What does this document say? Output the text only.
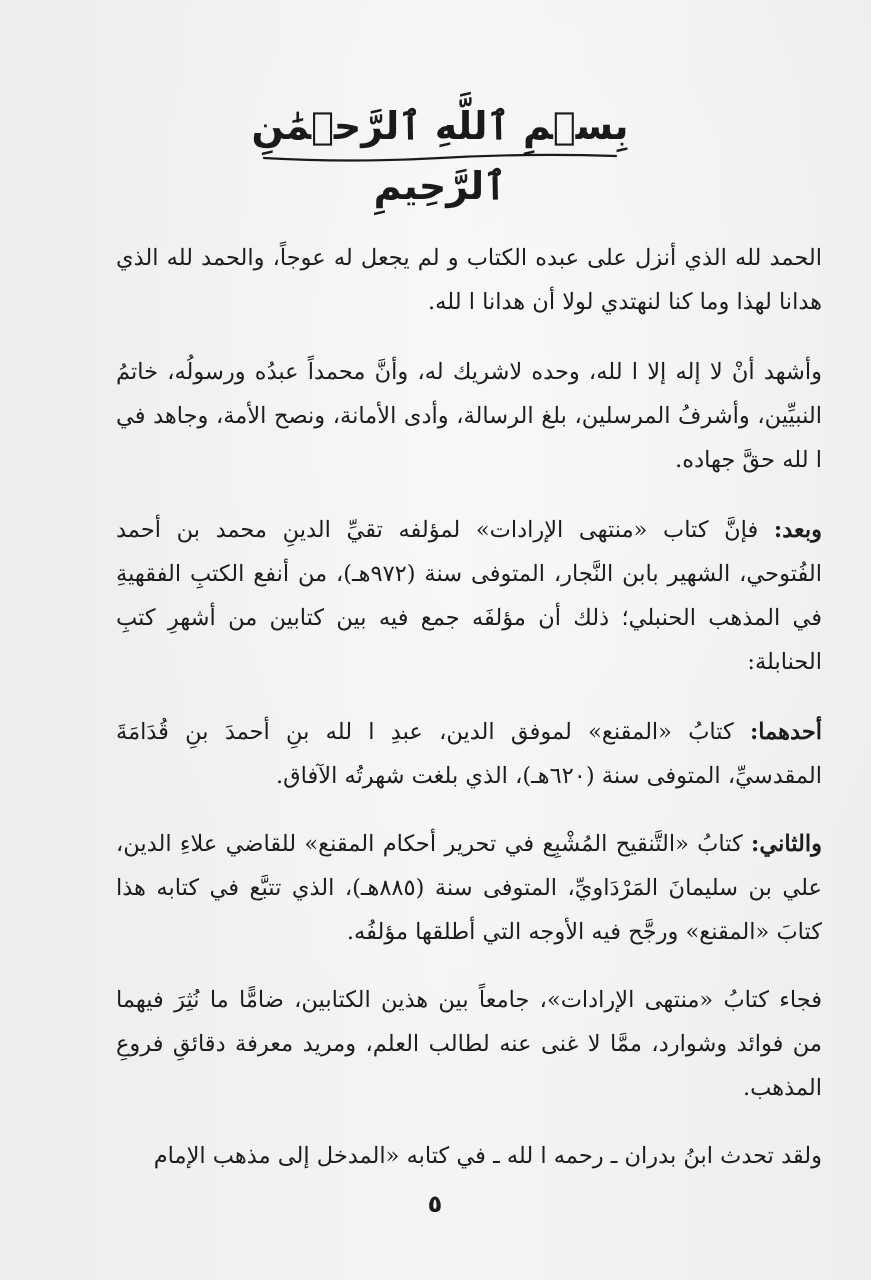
بِسۡمِ ٱللَّهِ ٱلرَّحۡمَٰنِ ٱلرَّحِيمِ

الحمد لله الذي أنزل على عبده الكتاب و لم يجعل له عوجاً، والحمد لله الذي هدانا لهذا وما كنا لنهتدي لولا أن هدانا ا لله.

وأشهد أنْ لا إله إلا ا لله، وحده لاشريك له، وأنَّ محمداً عبدُه ورسولُه، خاتمُ النبيِّين، وأشرفُ المرسلين، بلغ الرسالة، وأدى الأمانة، ونصح الأمة، وجاهد في ا لله حقَّ جهاده.

وبعد: فإنَّ كتاب «منتهى الإرادات» لمؤلفه تقيِّ الدينِ محمد بن أحمد الفُتوحي، الشهير بابن النَّجار، المتوفى سنة (٩٧٢هـ)، من أنفع الكتبِ الفقهيةِ في المذهب الحنبلي؛ ذلك أن مؤلفَه جمع فيه بين كتابين من أشهرِ كتبِ الحنابلة:

أحدهما: كتابُ «المقنع» لموفق الدين، عبدِ ا لله بنِ أحمدَ بنِ قُدَامَةَ المقدسيِّ، المتوفى سنة (٦٢٠هـ)، الذي بلغت شهرتُه الآفاق.

والثاني: كتابُ «التَّنقيح المُشْبِع في تحرير أحكام المقنع» للقاضي علاءِ الدين، علي بن سليمانَ المَرْدَاويِّ، المتوفى سنة (٨٨٥هـ)، الذي تتبَّع في كتابه هذا كتابَ «المقنع» ورجَّح فيه الأوجه التي أطلقها مؤلفُه.

فجاء كتابُ «منتهى الإرادات»، جامعاً بين هذين الكتابين، ضامًّا ما نُثِرَ فيهما من فوائد وشوارد، ممَّا لا غنى عنه لطالب العلم، ومريد معرفة دقائقِ فروعِ المذهب.

ولقد تحدث ابنُ بدران ـ رحمه ا لله ـ في كتابه «المدخل إلى مذهب الإمام

٥
